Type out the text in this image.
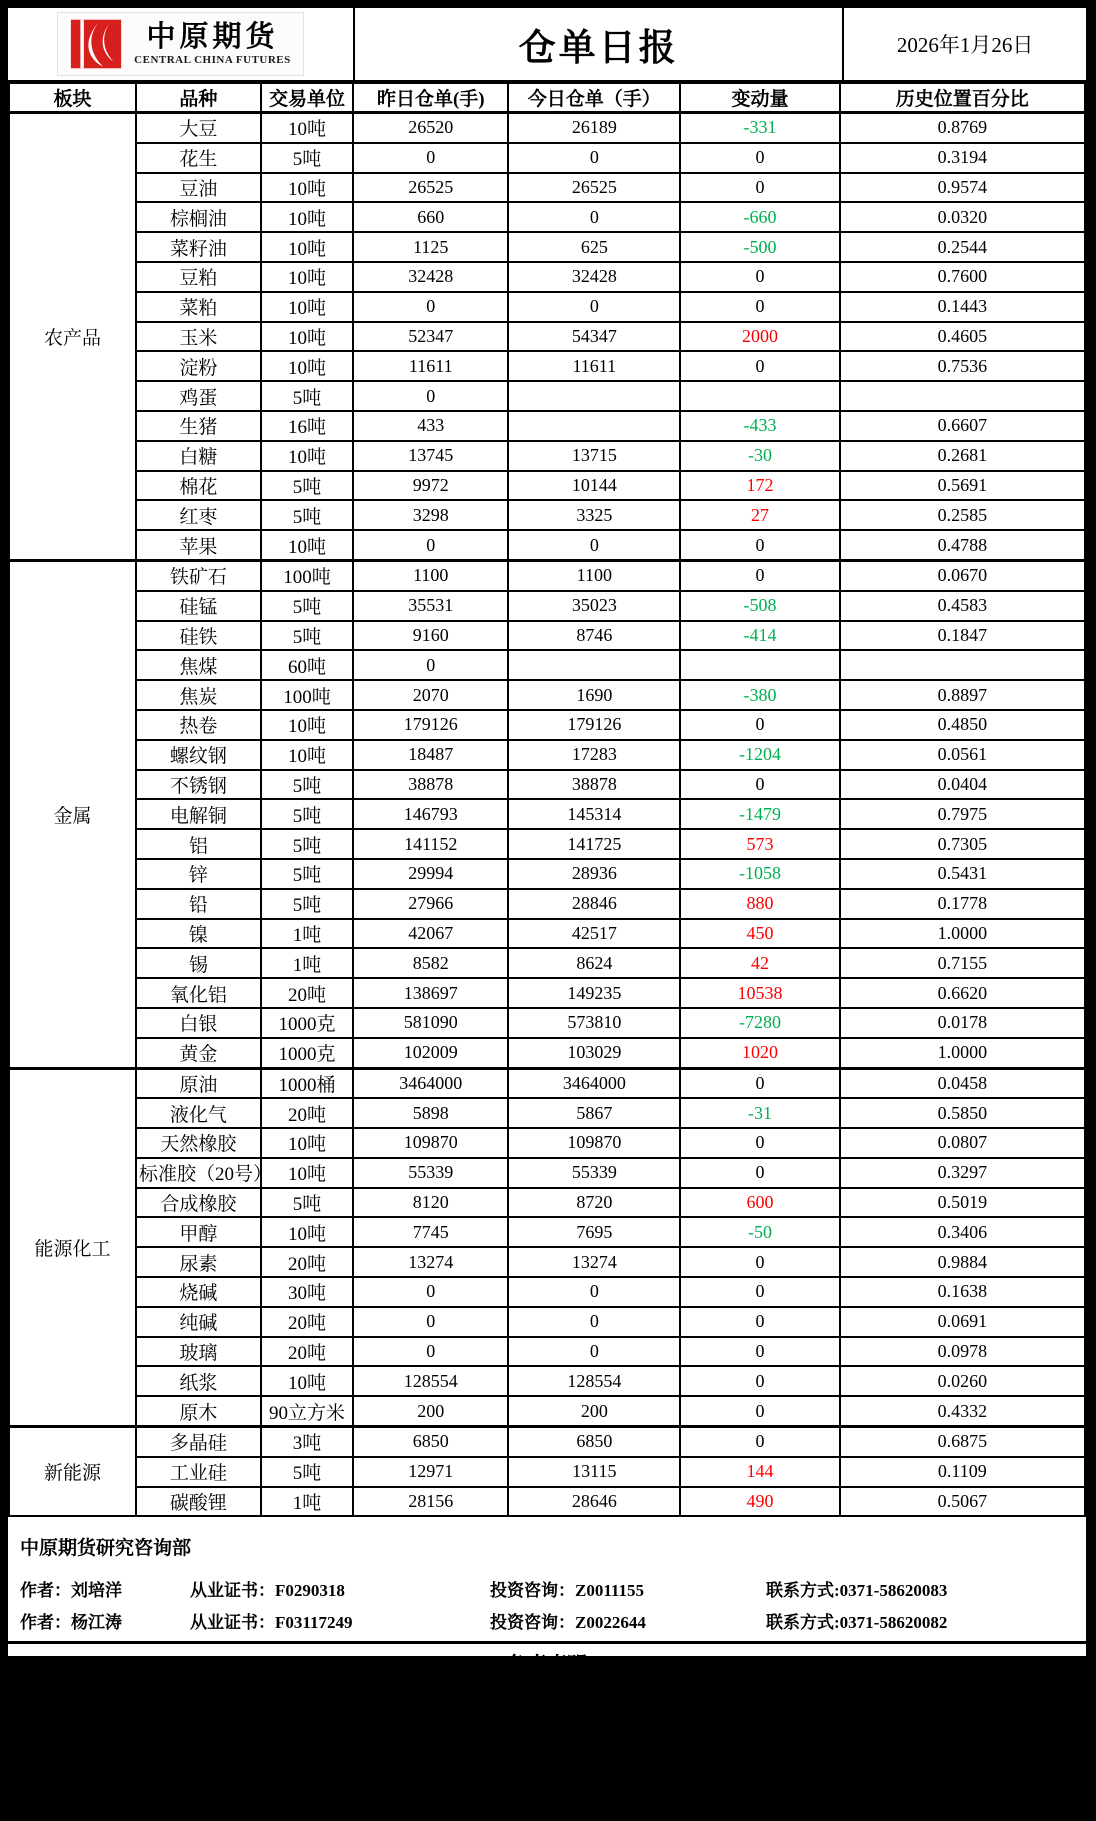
中原期货
CENTRAL CHINA FUTURES	仓单日报	2026年1月26日
板块	品种	交易单位	昨日仓单(手)	今日仓单（手）	变动量	历史位置百分比
农产品	大豆	10吨	26520	26189	-331	0.8769
	花生	5吨	0	0	0	0.3194
	豆油	10吨	26525	26525	0	0.9574
	棕榈油	10吨	660	0	-660	0.0320
	菜籽油	10吨	1125	625	-500	0.2544
	豆粕	10吨	32428	32428	0	0.7600
	菜粕	10吨	0	0	0	0.1443
	玉米	10吨	52347	54347	2000	0.4605
	淀粉	10吨	11611	11611	0	0.7536
	鸡蛋	5吨	0			
	生猪	16吨	433		-433	0.6607
	白糖	10吨	13745	13715	-30	0.2681
	棉花	5吨	9972	10144	172	0.5691
	红枣	5吨	3298	3325	27	0.2585
	苹果	10吨	0	0	0	0.4788
金属	铁矿石	100吨	1100	1100	0	0.0670
	硅锰	5吨	35531	35023	-508	0.4583
	硅铁	5吨	9160	8746	-414	0.1847
	焦煤	60吨	0			
	焦炭	100吨	2070	1690	-380	0.8897
	热卷	10吨	179126	179126	0	0.4850
	螺纹钢	10吨	18487	17283	-1204	0.0561
	不锈钢	5吨	38878	38878	0	0.0404
	电解铜	5吨	146793	145314	-1479	0.7975
	铝	5吨	141152	141725	573	0.7305
	锌	5吨	29994	28936	-1058	0.5431
	铅	5吨	27966	28846	880	0.1778
	镍	1吨	42067	42517	450	1.0000
	锡	1吨	8582	8624	42	0.7155
	氧化铝	20吨	138697	149235	10538	0.6620
	白银	1000克	581090	573810	-7280	0.0178
	黄金	1000克	102009	103029	1020	1.0000
能源化工	原油	1000桶	3464000	3464000	0	0.0458
	液化气	20吨	5898	5867	-31	0.5850
	天然橡胶	10吨	109870	109870	0	0.0807
	标准胶（20号）	10吨	55339	55339	0	0.3297
	合成橡胶	5吨	8120	8720	600	0.5019
	甲醇	10吨	7745	7695	-50	0.3406
	尿素	20吨	13274	13274	0	0.9884
	烧碱	30吨	0	0	0	0.1638
	纯碱	20吨	0	0	0	0.0691
	玻璃	20吨	0	0	0	0.0978
	纸浆	10吨	128554	128554	0	0.0260
	原木	90立方米	200	200	0	0.4332
新能源	多晶硅	3吨	6850	6850	0	0.6875
	工业硅	5吨	12971	13115	144	0.1109
	碳酸锂	1吨	28156	28646	490	0.5067
中原期货研究咨询部
作者：刘培洋	从业证书：F0290318	投资咨询：Z0011155	联系方式:0371-58620083
作者：杨江涛	从业证书：F03117249	投资咨询：Z0022644	联系方式:0371-58620082
免责声明
本报告中的信息由中原期货整理分析，均来源于已公开的资料，报告中的信息分析或所表达的意见并不构成对投资的建议，投资者因报告意见所做的判断，以及有可能产生的损失自行承担。期货交易有风险，投资者申请开立期货账户须满足证券期货投资者适当性要求，具备匹配的风险承受能力。
